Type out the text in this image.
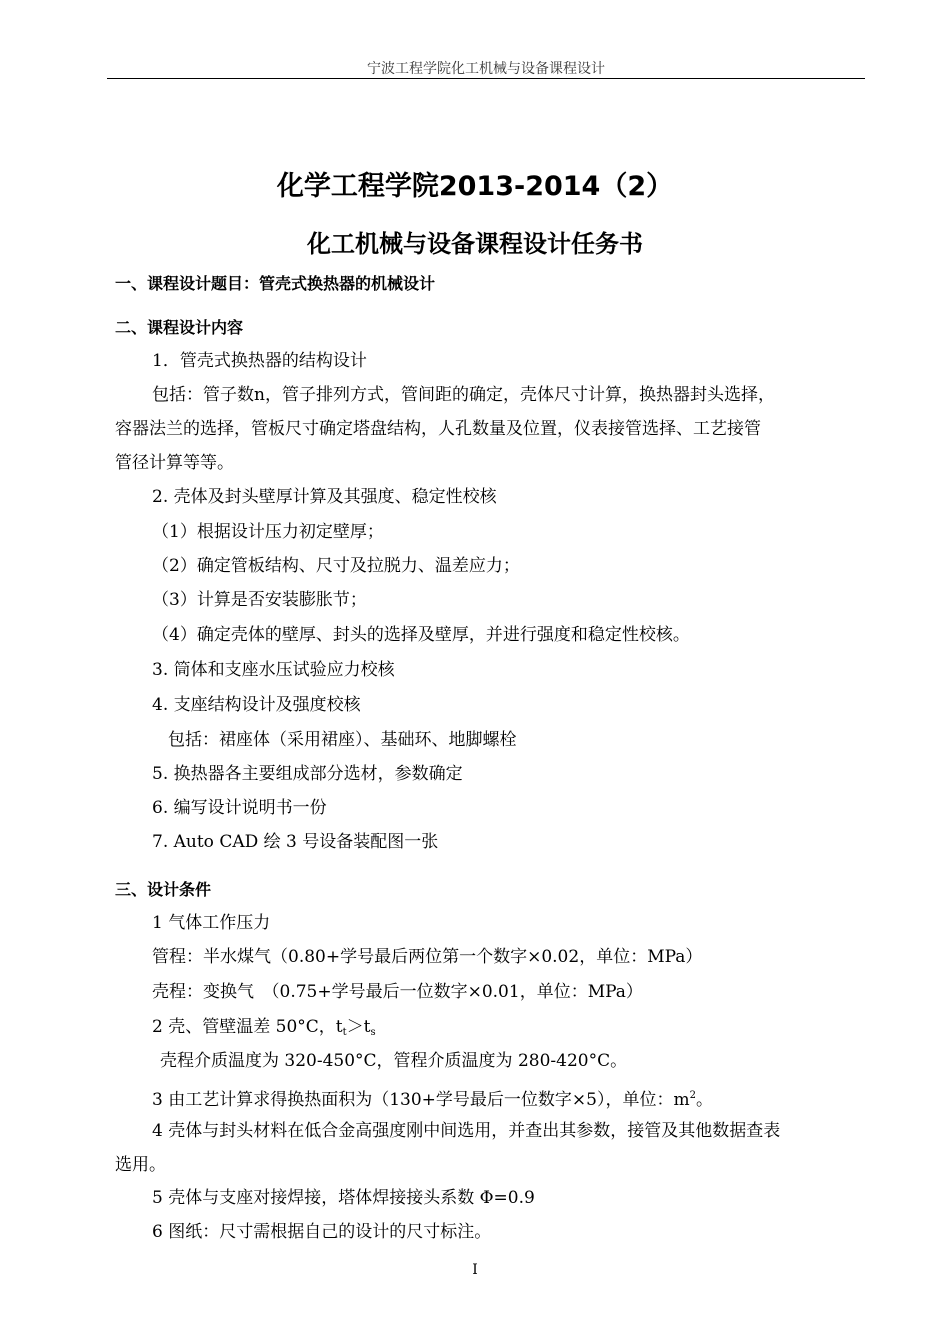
宁波工程学院化工机械与设备课程设计
化学工程学院2013-2014（2）
化工机械与设备课程设计任务书
一、课程设计题目：管壳式换热器的机械设计
二、课程设计内容
1．管壳式换热器的结构设计
包括：管子数n，管子排列方式，管间距的确定，壳体尺寸计算，换热器封头选择，
容器法兰的选择，管板尺寸确定塔盘结构，人孔数量及位置，仪表接管选择、工艺接管
管径计算等等。
2. 壳体及封头壁厚计算及其强度、稳定性校核
（1）根据设计压力初定壁厚；
（2）确定管板结构、尺寸及拉脱力、温差应力；
（3）计算是否安装膨胀节；
（4）确定壳体的壁厚、封头的选择及壁厚，并进行强度和稳定性校核。
3. 筒体和支座水压试验应力校核
4. 支座结构设计及强度校核
包括：裙座体（采用裙座）、基础环、地脚螺栓
5. 换热器各主要组成部分选材，参数确定
6. 编写设计说明书一份
7. Auto CAD 绘 3 号设备装配图一张
三、设计条件
1 气体工作压力
管程：半水煤气（0.80+学号最后两位第一个数字×0.02，单位：MPa）
壳程：变换气　（0.75+学号最后一位数字×0.01，单位：MPa）
2 壳、管壁温差 50°C，$t_t>t_s$
壳程介质温度为 320-450°C，管程介质温度为 280-420°C。
3 由工艺计算求得换热面积为（130+学号最后一位数字×5），单位：$m^2$。
4 壳体与封头材料在低合金高强度刚中间选用，并查出其参数，接管及其他数据查表
选用。
5 壳体与支座对接焊接，塔体焊接接头系数 Φ=0.9
6 图纸：尺寸需根据自己的设计的尺寸标注。
I
